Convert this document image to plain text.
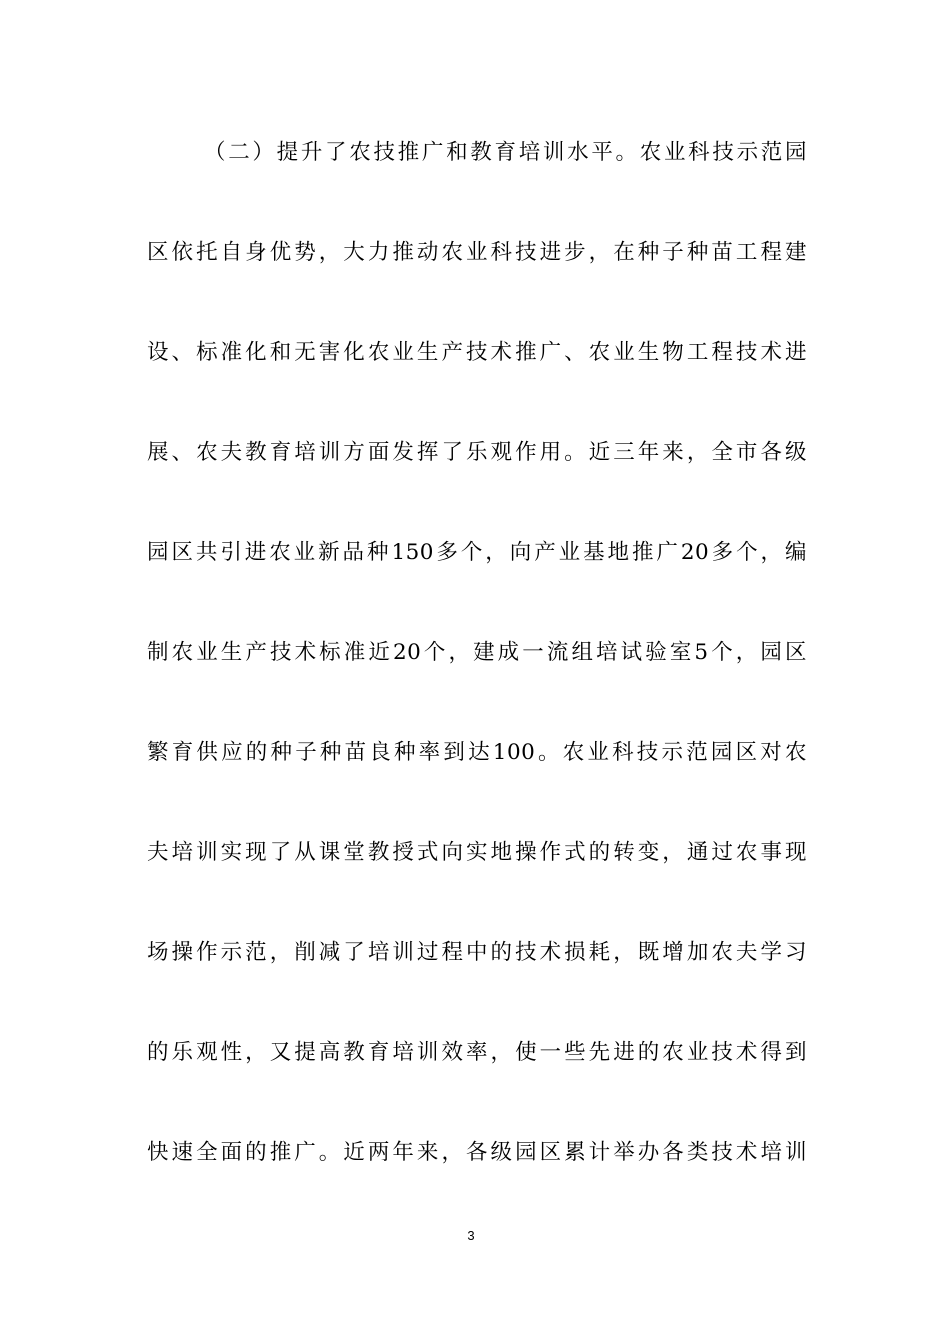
（二）提升了农技推广和教育培训水平。农业科技示范园
区依托自身优势，大力推动农业科技进步，在种子种苗工程建
设、标准化和无害化农业生产技术推广、农业生物工程技术进
展、农夫教育培训方面发挥了乐观作用。近三年来，全市各级
园区共引进农业新品种150多个，向产业基地推广20多个，编
制农业生产技术标准近20个，建成一流组培试验室5个，园区
繁育供应的种子种苗良种率到达100。农业科技示范园区对农
夫培训实现了从课堂教授式向实地操作式的转变，通过农事现
场操作示范，削减了培训过程中的技术损耗，既增加农夫学习
的乐观性，又提高教育培训效率，使一些先进的农业技术得到
快速全面的推广。近两年来，各级园区累计举办各类技术培训
3
